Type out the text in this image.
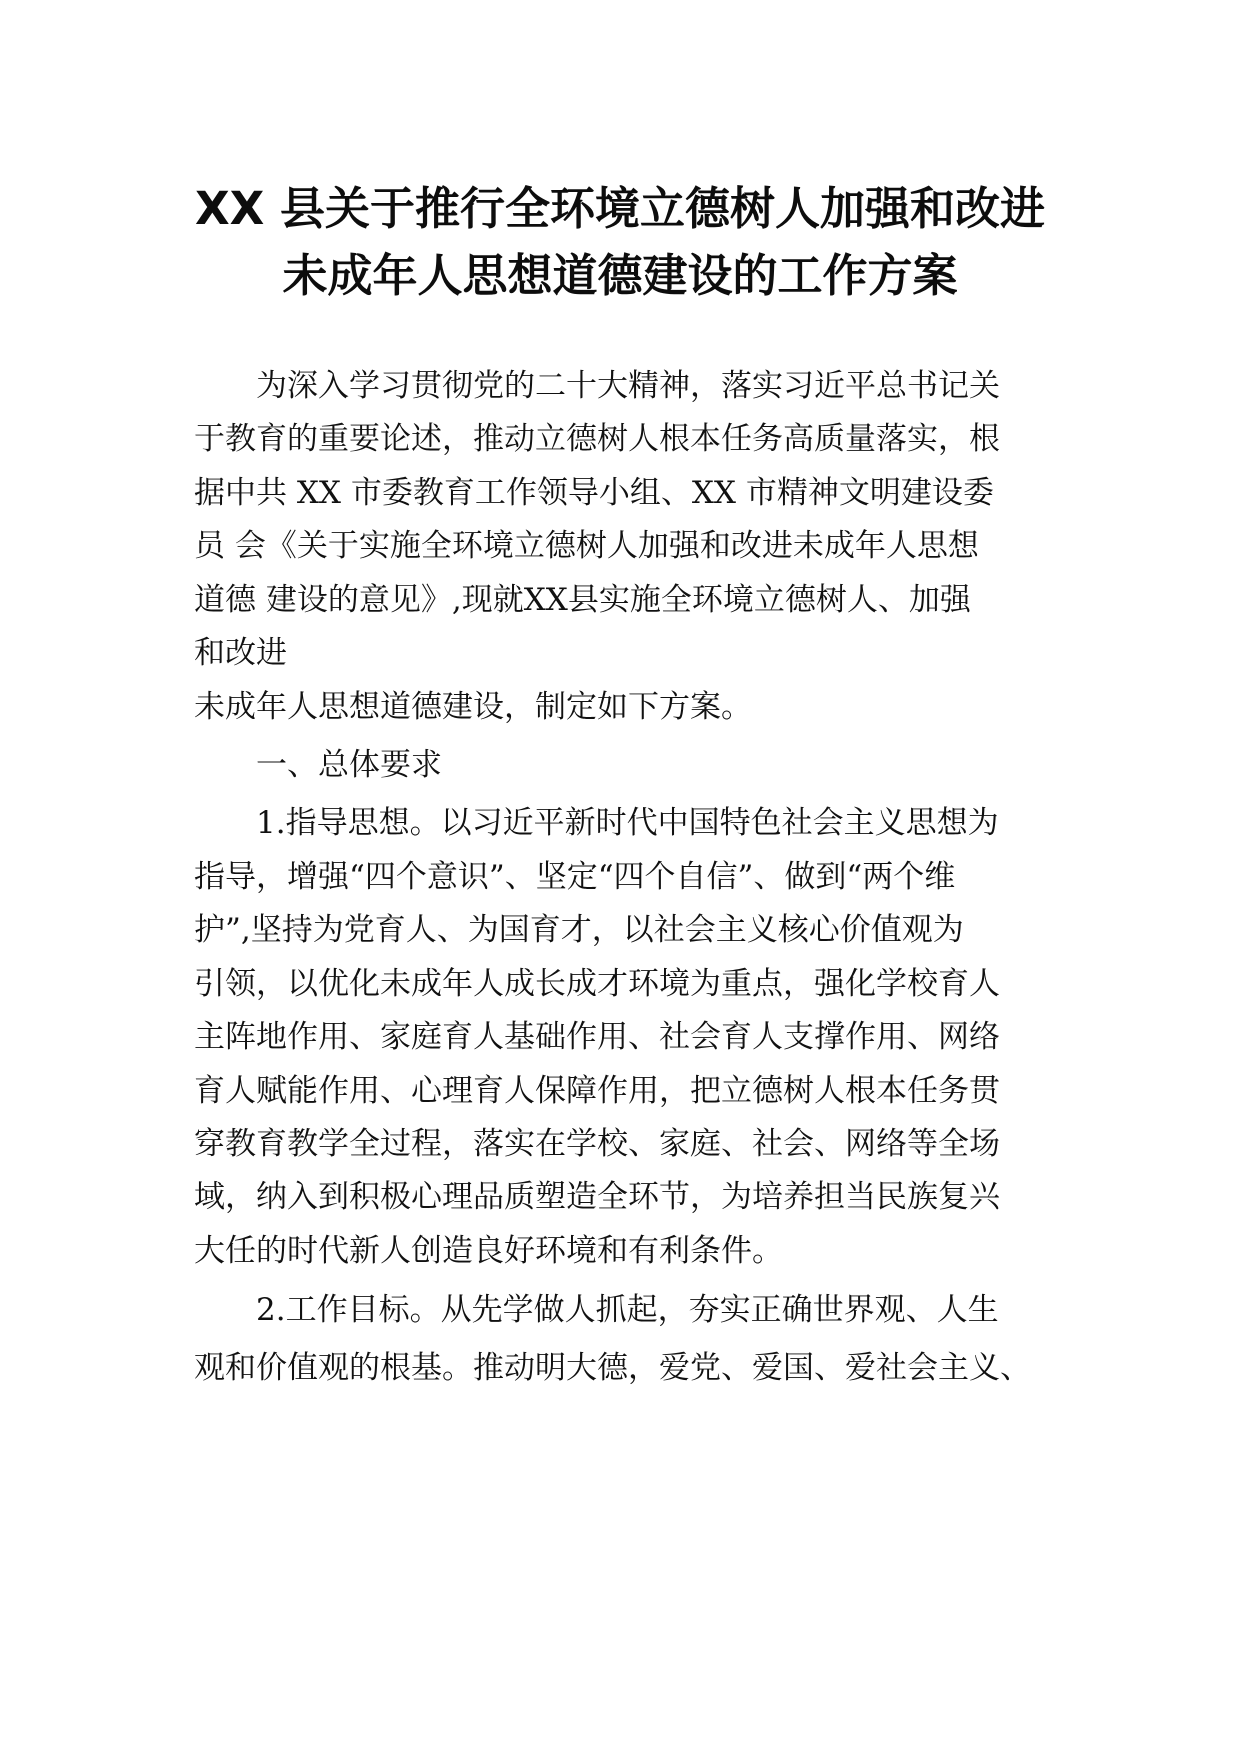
XX 县关于推行全环境立德树人加强和改进
未成年人思想道德建设的工作方案
为深入学习贯彻党的二十大精神，落实习近平总书记关
于教育的重要论述，推动立德树人根本任务高质量落实，根
据中共 XX 市委教育工作领导小组、XX 市精神文明建设委
员 会《关于实施全环境立德树人加强和改进未成年人思想
道德 建设的意见》,现就XX县实施全环境立德树人、加强
和改进
未成年人思想道德建设，制定如下方案。
一、总体要求
1.指导思想。以习近平新时代中国特色社会主义思想为
指导，增强“四个意识”、坚定“四个自信”、做到“两个维
护”,坚持为党育人、为国育才，以社会主义核心价值观为
引领，以优化未成年人成长成才环境为重点，强化学校育人
主阵地作用、家庭育人基础作用、社会育人支撑作用、网络
育人赋能作用、心理育人保障作用，把立德树人根本任务贯
穿教育教学全过程，落实在学校、家庭、社会、网络等全场
域，纳入到积极心理品质塑造全环节，为培养担当民族复兴
大任的时代新人创造良好环境和有利条件。
2.工作目标。从先学做人抓起，夯实正确世界观、人生
观和价值观的根基。推动明大德，爱党、爱国、爱社会主义、
